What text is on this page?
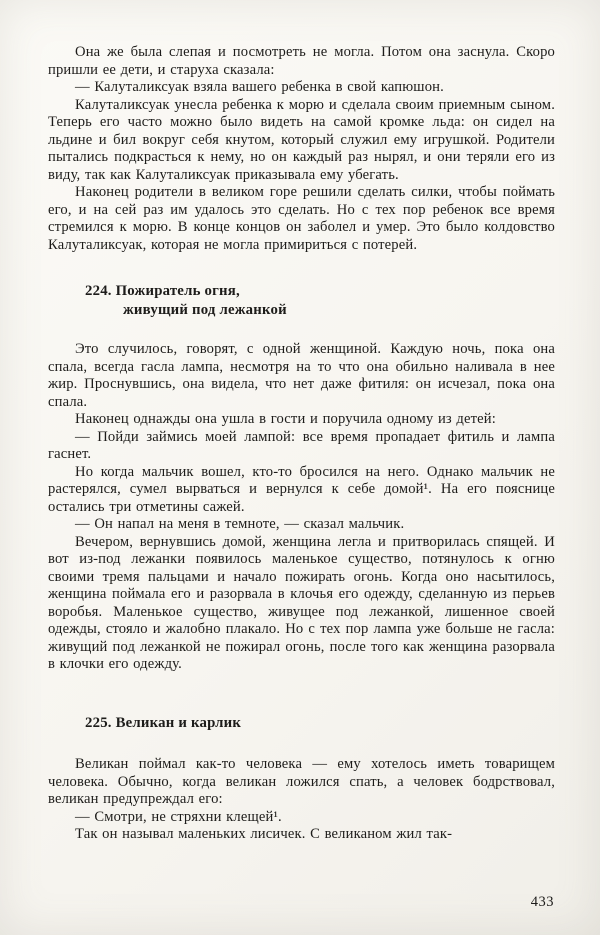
Она же была слепая и посмотреть не могла. Потом она заснула. Скоро пришли ее дети, и старуха сказала:

— Калуталиксуак взяла вашего ребенка в свой капюшон.

Калуталиксуак унесла ребенка к морю и сделала своим приемным сыном. Теперь его часто можно было видеть на самой кромке льда: он сидел на льдине и бил вокруг себя кнутом, который служил ему игрушкой. Родители пытались подкрасться к нему, но он каждый раз нырял, и они теряли его из виду, так как Калуталиксуак приказывала ему убегать.

Наконец родители в великом горе решили сделать силки, чтобы поймать его, и на сей раз им удалось это сделать. Но с тех пор ребенок все время стремился к морю. В конце концов он заболел и умер. Это было колдовство Калуталиксуак, которая не могла примириться с потерей.

224. Пожиратель огня,
живущий под лежанкой

Это случилось, говорят, с одной женщиной. Каждую ночь, пока она спала, всегда гасла лампа, несмотря на то что она обильно наливала в нее жир. Проснувшись, она видела, что нет даже фитиля: он исчезал, пока она спала.

Наконец однажды она ушла в гости и поручила одному из детей:

— Пойди займись моей лампой: все время пропадает фитиль и лампа гаснет.

Но когда мальчик вошел, кто-то бросился на него. Однако мальчик не растерялся, сумел вырваться и вернулся к себе домой¹. На его пояснице остались три отметины сажей.

— Он напал на меня в темноте, — сказал мальчик.

Вечером, вернувшись домой, женщина легла и притворилась спящей. И вот из-под лежанки появилось маленькое существо, потянулось к огню своими тремя пальцами и начало пожирать огонь. Когда оно насытилось, женщина поймала его и разорвала в клочья его одежду, сделанную из перьев воробья. Маленькое существо, живущее под лежанкой, лишенное своей одежды, стояло и жалобно плакало. Но с тех пор лампа уже больше не гасла: живущий под лежанкой не пожирал огонь, после того как женщина разорвала в клочки его одежду.

225. Великан и карлик

Великан поймал как-то человека — ему хотелось иметь товарищем человека. Обычно, когда великан ложился спать, а человек бодрствовал, великан предупреждал его:

— Смотри, не стряхни клещей¹.

Так он называл маленьких лисичек. С великаном жил так-

433
